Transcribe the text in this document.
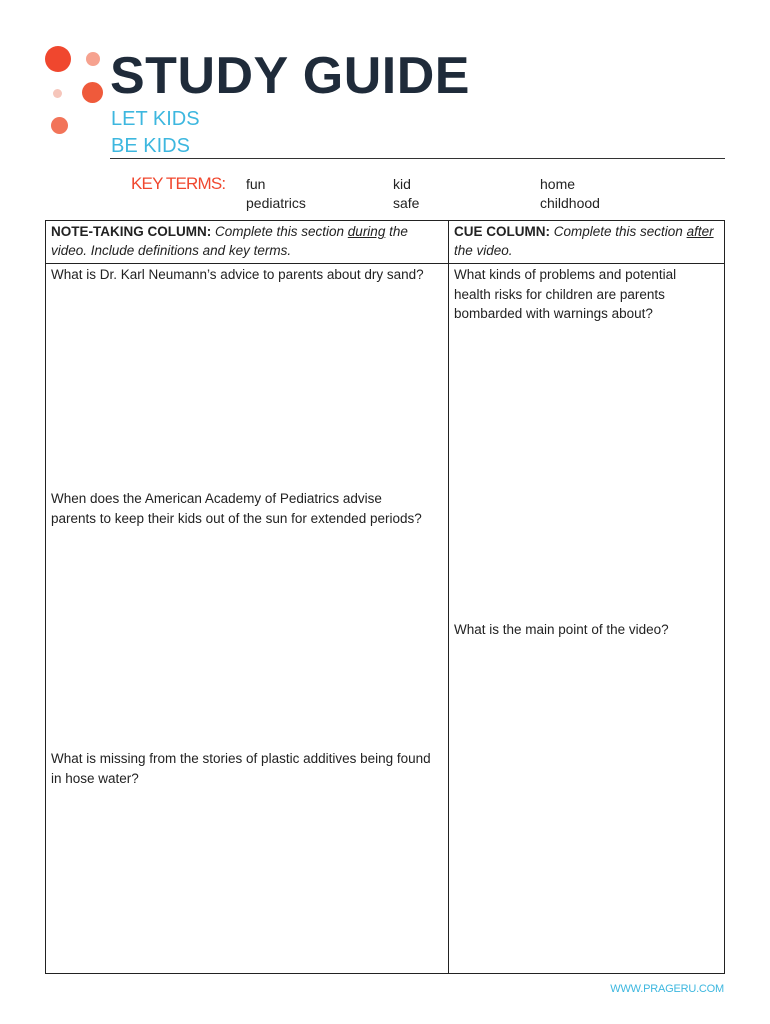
STUDY GUIDE
LET KIDS
BE KIDS
KEY TERMS: fun
pediatrics
kid
safe
home
childhood
NOTE-TAKING COLUMN: Complete this section during the video. Include definitions and key terms.
CUE COLUMN: Complete this section after the video.
What is Dr. Karl Neumann’s advice to parents about dry sand?
When does the American Academy of Pediatrics advise parents to keep their kids out of the sun for extended periods?
What is missing from the stories of plastic additives being found in hose water?
What kinds of problems and potential health risks for children are parents bombarded with warnings about?
What is the main point of the video?
WWW.PRAGERU.COM
